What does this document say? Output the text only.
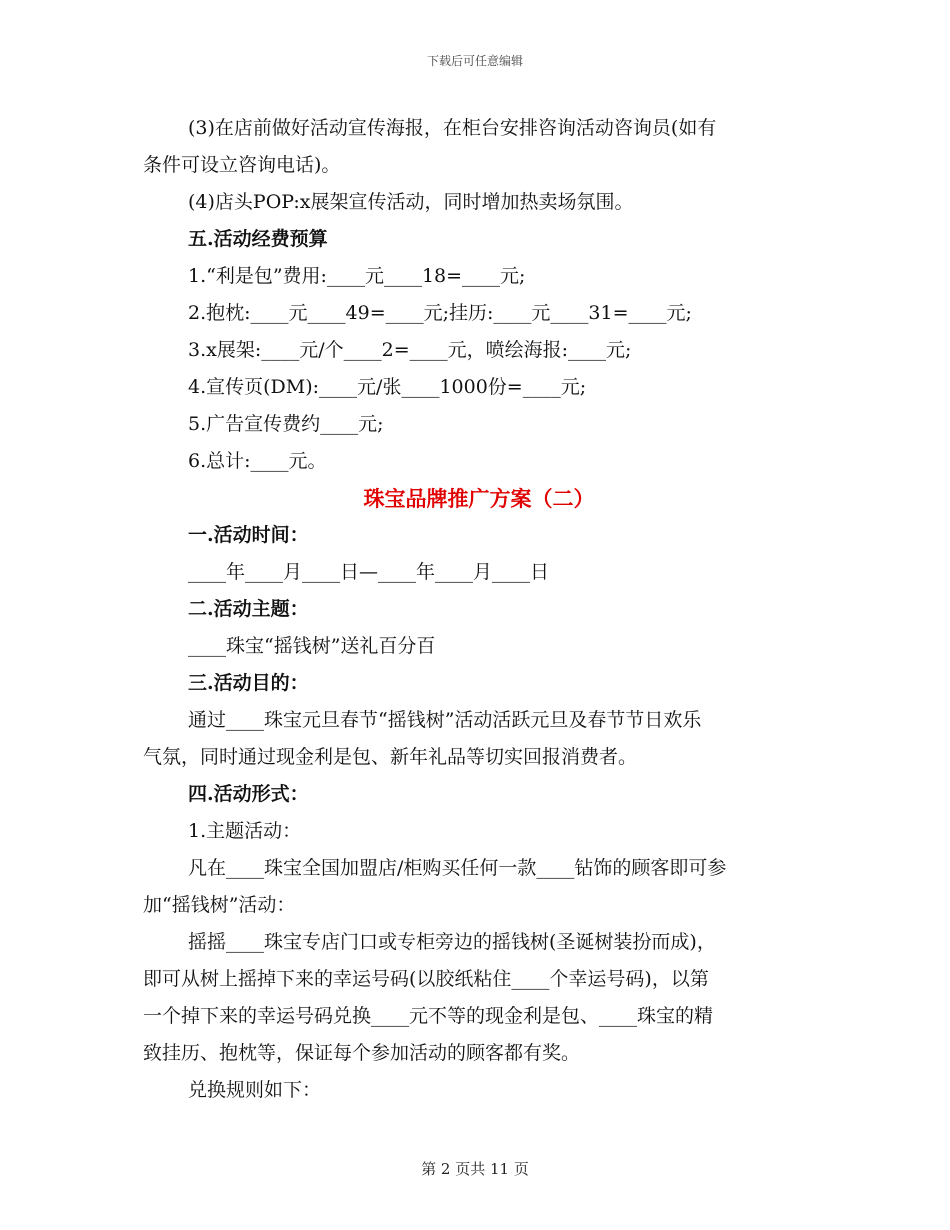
下载后可任意编辑
(3)在店前做好活动宣传海报，在柜台安排咨询活动咨询员(如有
条件可设立咨询电话)。
(4)店头POP:x展架宣传活动，同时增加热卖场氛围。
五.活动经费预算
1.“利是包”费用:____元____18=____元;
2.抱枕:____元____49=____元;挂历:____元____31=____元;
3.x展架:____元/个____2=____元，喷绘海报:____元;
4.宣传页(DM):____元/张____1000份=____元;
5.广告宣传费约____元;
6.总计:____元。
珠宝品牌推广方案（二）
一.活动时间：
____年____月____日—____年____月____日
二.活动主题：
____珠宝“摇钱树”送礼百分百
三.活动目的：
通过____珠宝元旦春节“摇钱树”活动活跃元旦及春节节日欢乐
气氛，同时通过现金利是包、新年礼品等切实回报消费者。
四.活动形式：
1.主题活动：
凡在____珠宝全国加盟店/柜购买任何一款____钻饰的顾客即可参
加“摇钱树”活动：
摇摇____珠宝专店门口或专柜旁边的摇钱树(圣诞树装扮而成)，
即可从树上摇掉下来的幸运号码(以胶纸粘住____个幸运号码)，以第
一个掉下来的幸运号码兑换____元不等的现金利是包、____珠宝的精
致挂历、抱枕等，保证每个参加活动的顾客都有奖。
兑换规则如下：
第 2 页共 11 页
